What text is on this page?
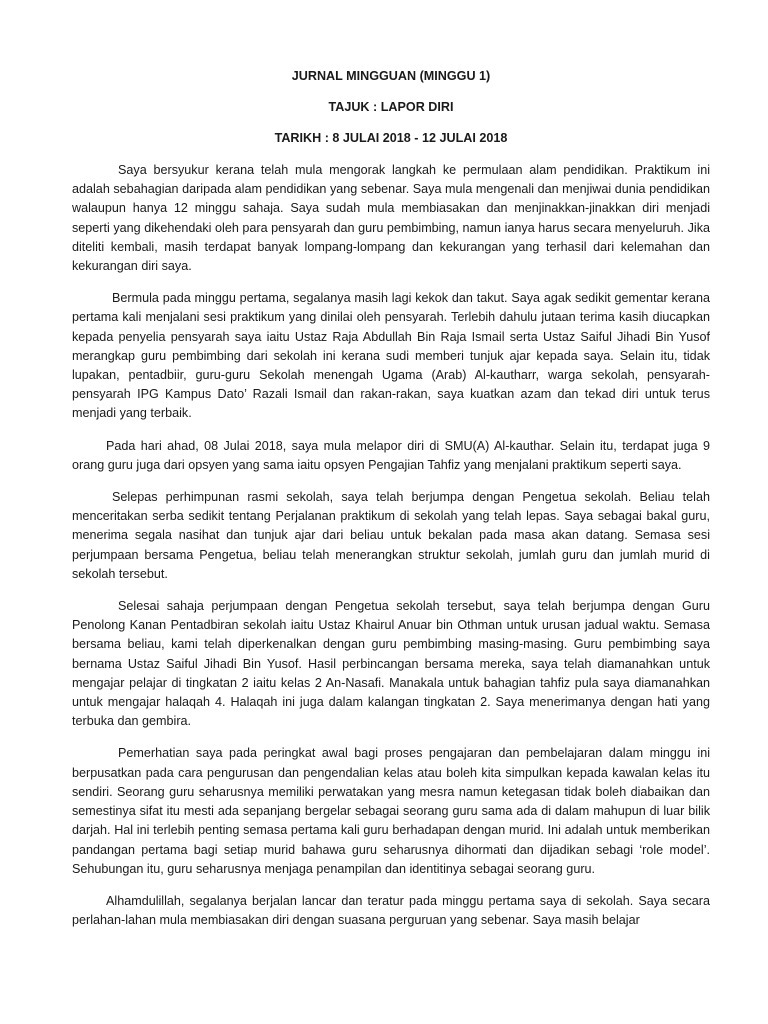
JURNAL MINGGUAN (MINGGU 1)
TAJUK : LAPOR DIRI
TARIKH : 8 JULAI 2018 - 12 JULAI 2018

Saya bersyukur kerana telah mula mengorak langkah ke permulaan alam pendidikan. Praktikum ini adalah sebahagian daripada alam pendidikan yang sebenar. Saya mula mengenali dan menjiwai dunia pendidikan walaupun hanya 12 minggu sahaja. Saya sudah mula membiasakan dan menjinakkan-jinakkan diri menjadi seperti yang dikehendaki oleh para pensyarah dan guru pembimbing, namun ianya harus secara menyeluruh. Jika diteliti kembali, masih terdapat banyak lompang-lompang dan kekurangan yang terhasil dari kelemahan dan kekurangan diri saya.

Bermula pada minggu pertama, segalanya masih lagi kekok dan takut. Saya agak sedikit gementar kerana pertama kali menjalani sesi praktikum yang dinilai oleh pensyarah. Terlebih dahulu jutaan terima kasih diucapkan kepada penyelia pensyarah saya iaitu Ustaz Raja Abdullah Bin Raja Ismail serta Ustaz Saiful Jihadi Bin Yusof merangkap guru pembimbing dari sekolah ini kerana sudi memberi tunjuk ajar kepada saya. Selain itu, tidak lupakan, pentadbiir, guru-guru Sekolah menengah Ugama (Arab) Al-kautharr, warga sekolah, pensyarah-pensyarah IPG Kampus Dato’ Razali Ismail dan rakan-rakan, saya kuatkan azam dan tekad diri untuk terus menjadi yang terbaik.

Pada hari ahad, 08 Julai 2018, saya mula melapor diri di SMU(A) Al-kauthar. Selain itu, terdapat juga 9 orang guru juga dari opsyen yang sama iaitu opsyen Pengajian Tahfiz yang menjalani praktikum seperti saya.

Selepas perhimpunan rasmi sekolah, saya telah berjumpa dengan Pengetua sekolah. Beliau telah menceritakan serba sedikit tentang Perjalanan praktikum di sekolah yang telah lepas. Saya sebagai bakal guru, menerima segala nasihat dan tunjuk ajar dari beliau untuk bekalan pada masa akan datang. Semasa sesi perjumpaan bersama Pengetua, beliau telah menerangkan struktur sekolah, jumlah guru dan jumlah murid di sekolah tersebut.

Selesai sahaja perjumpaan dengan Pengetua sekolah tersebut, saya telah berjumpa dengan Guru Penolong Kanan Pentadbiran sekolah iaitu Ustaz Khairul Anuar bin Othman untuk urusan jadual waktu. Semasa bersama beliau, kami telah diperkenalkan dengan guru pembimbing masing-masing. Guru pembimbing saya bernama Ustaz Saiful Jihadi Bin Yusof. Hasil perbincangan bersama mereka, saya telah diamanahkan untuk mengajar pelajar di tingkatan 2 iaitu kelas 2 An-Nasafi. Manakala untuk bahagian tahfiz pula saya diamanahkan untuk mengajar halaqah 4. Halaqah ini juga dalam kalangan tingkatan 2. Saya menerimanya dengan hati yang terbuka dan gembira.

Pemerhatian saya pada peringkat awal bagi proses pengajaran dan pembelajaran dalam minggu ini berpusatkan pada cara pengurusan dan pengendalian kelas atau boleh kita simpulkan kepada kawalan kelas itu sendiri. Seorang guru seharusnya memiliki perwatakan yang mesra namun ketegasan tidak boleh diabaikan dan semestinya sifat itu mesti ada sepanjang bergelar sebagai seorang guru sama ada di dalam mahupun di luar bilik darjah. Hal ini terlebih penting semasa pertama kali guru berhadapan dengan murid. Ini adalah untuk memberikan pandangan pertama bagi setiap murid bahawa guru seharusnya dihormati dan dijadikan sebagi ‘role model’. Sehubungan itu, guru seharusnya menjaga penampilan dan identitinya sebagai seorang guru.

Alhamdulillah, segalanya berjalan lancar dan teratur pada minggu pertama saya di sekolah. Saya secara perlahan-lahan mula membiasakan diri dengan suasana perguruan yang sebenar. Saya masih belajar
